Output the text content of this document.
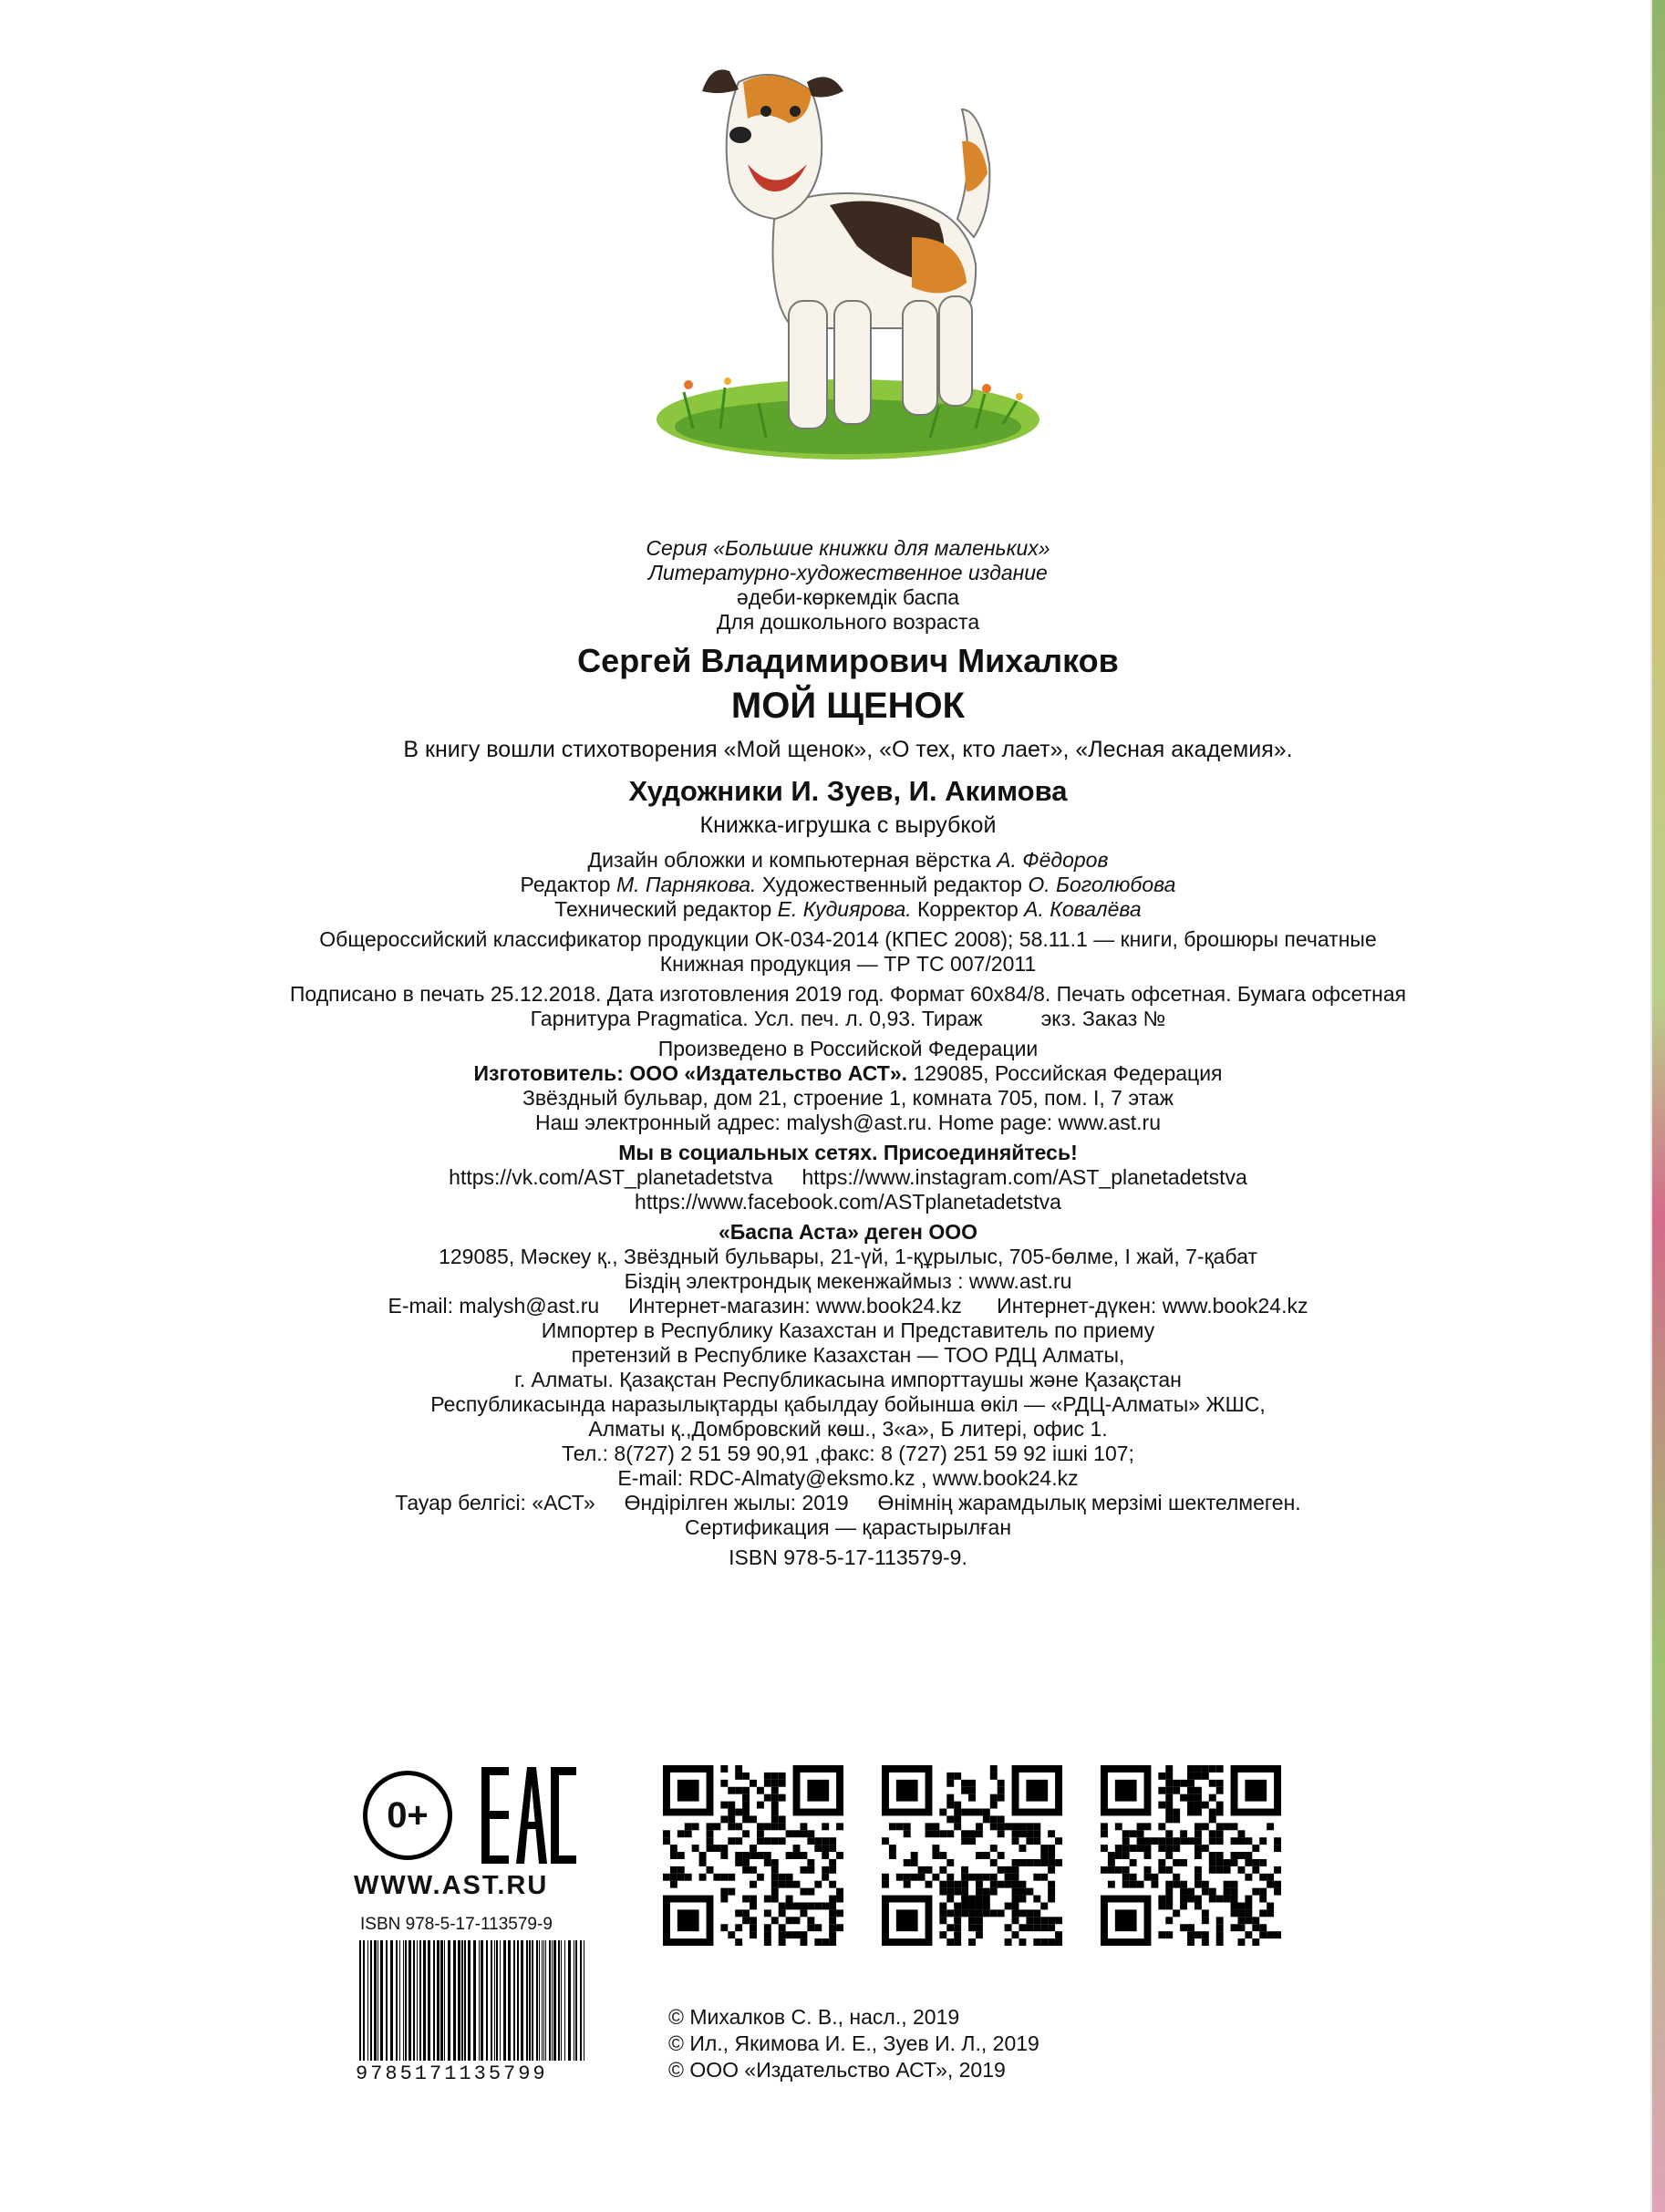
Серия «Большие книжки для маленьких»
Литературно-художественное издание
әдеби-көркемдік баспа
Для дошкольного возраста
Сергей Владимирович Михалков
МОЙ ЩЕНОК
В книгу вошли стихотворения «Мой щенок», «О тех, кто лает», «Лесная академия».
Художники И. Зуев, И. Акимова
Книжка-игрушка с вырубкой
Дизайн обложки и компьютерная вёрстка А. Фёдоров
Редактор М. Парнякова. Художественный редактор О. Боголюбова
Технический редактор Е. Кудиярова. Корректор А. Ковалёва
Общероссийский классификатор продукции ОК-034-2014 (КПЕС 2008); 58.11.1 — книги, брошюры печатные
Книжная продукция — ТР ТС 007/2011
Подписано в печать 25.12.2018. Дата изготовления 2019 год. Формат 60x84/8. Печать офсетная. Бумага офсетная
Гарнитура Pragmatica. Усл. печ. л. 0,93. Тираж          экз. Заказ №
Произведено в Российской Федерации
Изготовитель: ООО «Издательство АСТ». 129085, Российская Федерация
Звёздный бульвар, дом 21, строение 1, комната 705, пом. I, 7 этаж
Наш электронный адрес: malysh@ast.ru. Home page: www.ast.ru
Мы в социальных сетях. Присоединяйтесь!
https://vk.com/AST_planetadetstva     https://www.instagram.com/AST_planetadetstva
https://www.facebook.com/ASTplanetadetstva
«Баспа Аста» деген ООО
129085, Мәскеу қ., Звёздный бульвары, 21-үй, 1-құрылыс, 705-бөлме, I жай, 7-қабат
Біздің электрондық мекенжаймыз : www.ast.ru
E-mail: malysh@ast.ru     Интернет-магазин: www.book24.kz      Интернет-дүкен: www.book24.kz
Импортер в Республику Казахстан и Представитель по приему
претензий в Республике Казахстан — ТОО РДЦ Алматы,
г. Алматы. Қазақстан Республикасына импорттаушы және Қазақстан
Республикасында наразылықтарды қабылдау бойынша өкіл — «РДЦ-Алматы» ЖШС,
Алматы қ.,Домбровский көш., 3«а», Б литері, офис 1.
Тел.: 8(727) 2 51 59 90,91 ,факс: 8 (727) 251 59 92 ішкі 107;
E-mail: RDC-Almaty@eksmo.kz , www.book24.kz
Тауар белгісі: «АСТ»     Өндірілген жылы: 2019     Өнімнің жарамдылық мерзімі шектелмеген.
Сертификация — қарастырылған
ISBN 978-5-17-113579-9.
0+
WWW.AST.RU
ISBN 978-5-17-113579-9
9785171135799
© Михалков С. В., насл., 2019
© Ил., Якимова И. Е., Зуев И. Л., 2019
© ООО «Издательство АСТ», 2019
